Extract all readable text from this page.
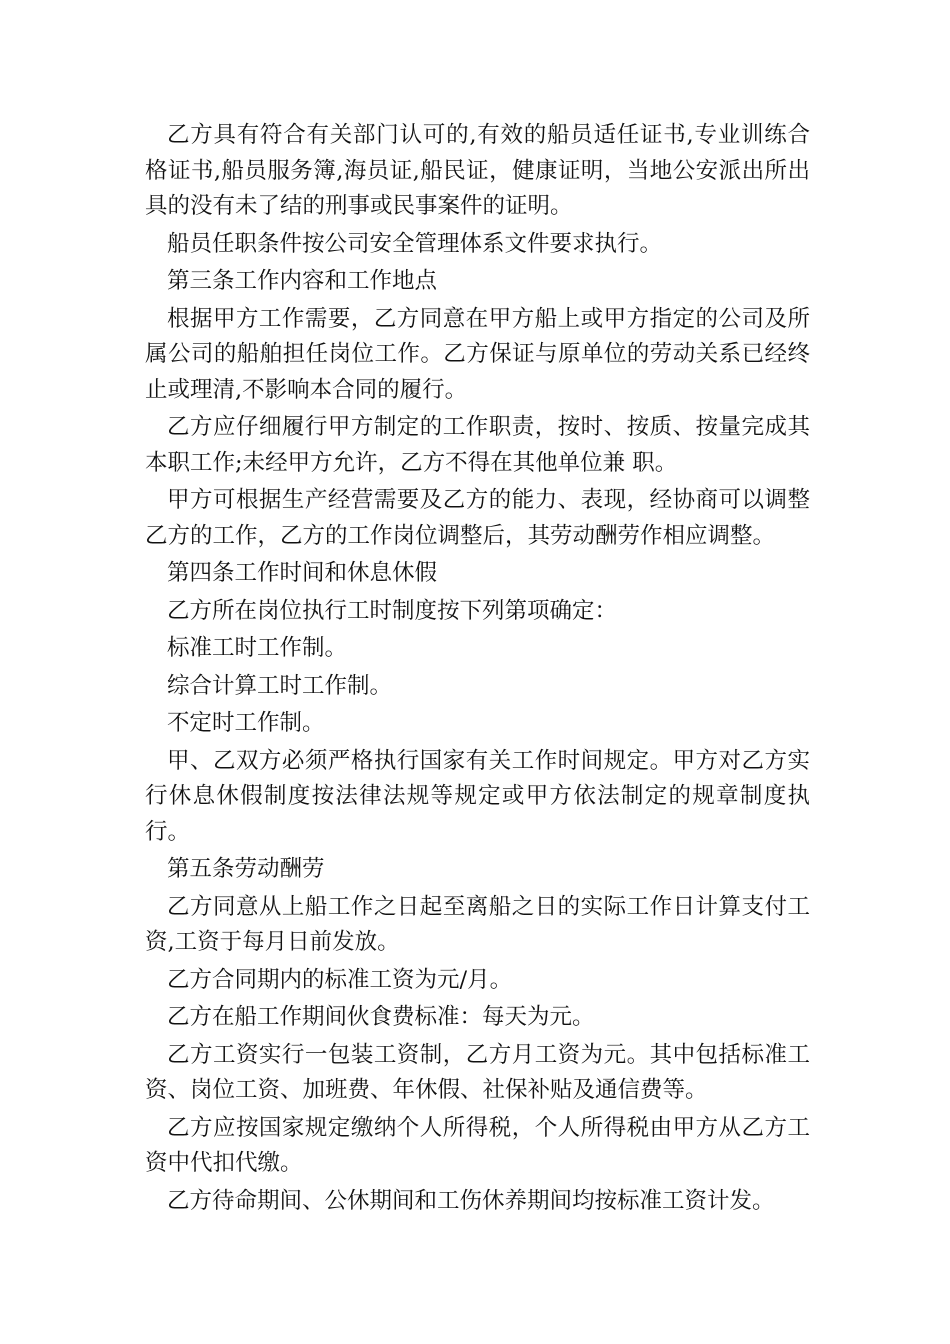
乙方具有符合有关部门认可的,有效的船员适任证书,专业训练合格证书,船员服务簿,海员证,船民证，健康证明，当地公安派出所出具的没有未了结的刑事或民事案件的证明。

船员任职条件按公司安全管理体系文件要求执行。

第三条工作内容和工作地点

根据甲方工作需要，乙方同意在甲方船上或甲方指定的公司及所属公司的船舶担任岗位工作。乙方保证与原单位的劳动关系已经终止或理清,不影响本合同的履行。

乙方应仔细履行甲方制定的工作职责，按时、按质、按量完成其本职工作;未经甲方允许，乙方不得在其他单位兼 职。

甲方可根据生产经营需要及乙方的能力、表现，经协商可以调整乙方的工作，乙方的工作岗位调整后，其劳动酬劳作相应调整。

第四条工作时间和休息休假

乙方所在岗位执行工时制度按下列第项确定：

标准工时工作制。

综合计算工时工作制。

不定时工作制。

甲、乙双方必须严格执行国家有关工作时间规定。甲方对乙方实行休息休假制度按法律法规等规定或甲方依法制定的规章制度执行。

第五条劳动酬劳

乙方同意从上船工作之日起至离船之日的实际工作日计算支付工资,工资于每月日前发放。

乙方合同期内的标准工资为元/月。

乙方在船工作期间伙食费标准：每天为元。

乙方工资实行一包装工资制，乙方月工资为元。其中包括标准工资、岗位工资、加班费、年休假、社保补贴及通信费等。

乙方应按国家规定缴纳个人所得税，个人所得税由甲方从乙方工资中代扣代缴。

乙方待命期间、公休期间和工伤休养期间均按标准工资计发。
